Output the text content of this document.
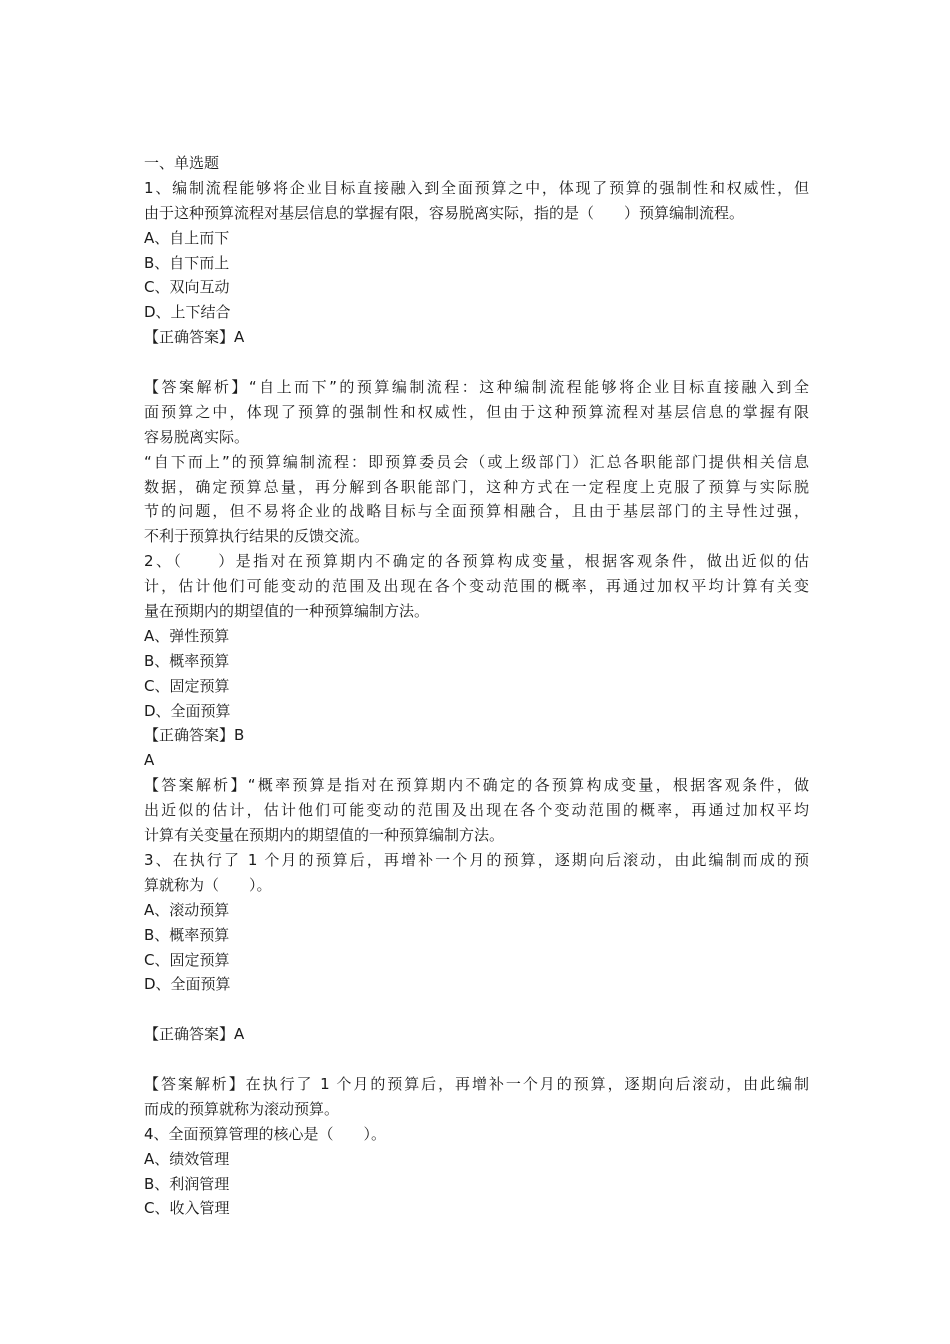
一、单选题
1、编制流程能够将企业目标直接融入到全面预算之中，体现了预算的强制性和权威性，但
由于这种预算流程对基层信息的掌握有限，容易脱离实际，指的是（　　）预算编制流程。
A、自上而下
B、自下而上
C、双向互动
D、上下结合
【正确答案】A
【答案解析】“自上而下”的预算编制流程：这种编制流程能够将企业目标直接融入到全
面预算之中，体现了预算的强制性和权威性，但由于这种预算流程对基层信息的掌握有限
容易脱离实际。
“自下而上”的预算编制流程：即预算委员会（或上级部门）汇总各职能部门提供相关信息
数据，确定预算总量，再分解到各职能部门，这种方式在一定程度上克服了预算与实际脱
节的问题，但不易将企业的战略目标与全面预算相融合，且由于基层部门的主导性过强，
不利于预算执行结果的反馈交流。
2、（　　）是指对在预算期内不确定的各预算构成变量，根据客观条件，做出近似的估
计，估计他们可能变动的范围及出现在各个变动范围的概率，再通过加权平均计算有关变
量在预期内的期望值的一种预算编制方法。
A、弹性预算
B、概率预算
C、固定预算
D、全面预算
【正确答案】B
A
【答案解析】“概率预算是指对在预算期内不确定的各预算构成变量，根据客观条件，做
出近似的估计，估计他们可能变动的范围及出现在各个变动范围的概率，再通过加权平均
计算有关变量在预期内的期望值的一种预算编制方法。
3、在执行了 1 个月的预算后，再增补一个月的预算，逐期向后滚动，由此编制而成的预
算就称为（　　）。
A、滚动预算
B、概率预算
C、固定预算
D、全面预算
【正确答案】A
【答案解析】在执行了 1 个月的预算后，再增补一个月的预算，逐期向后滚动，由此编制
而成的预算就称为滚动预算。
4、全面预算管理的核心是（　　）。
A、绩效管理
B、利润管理
C、收入管理
